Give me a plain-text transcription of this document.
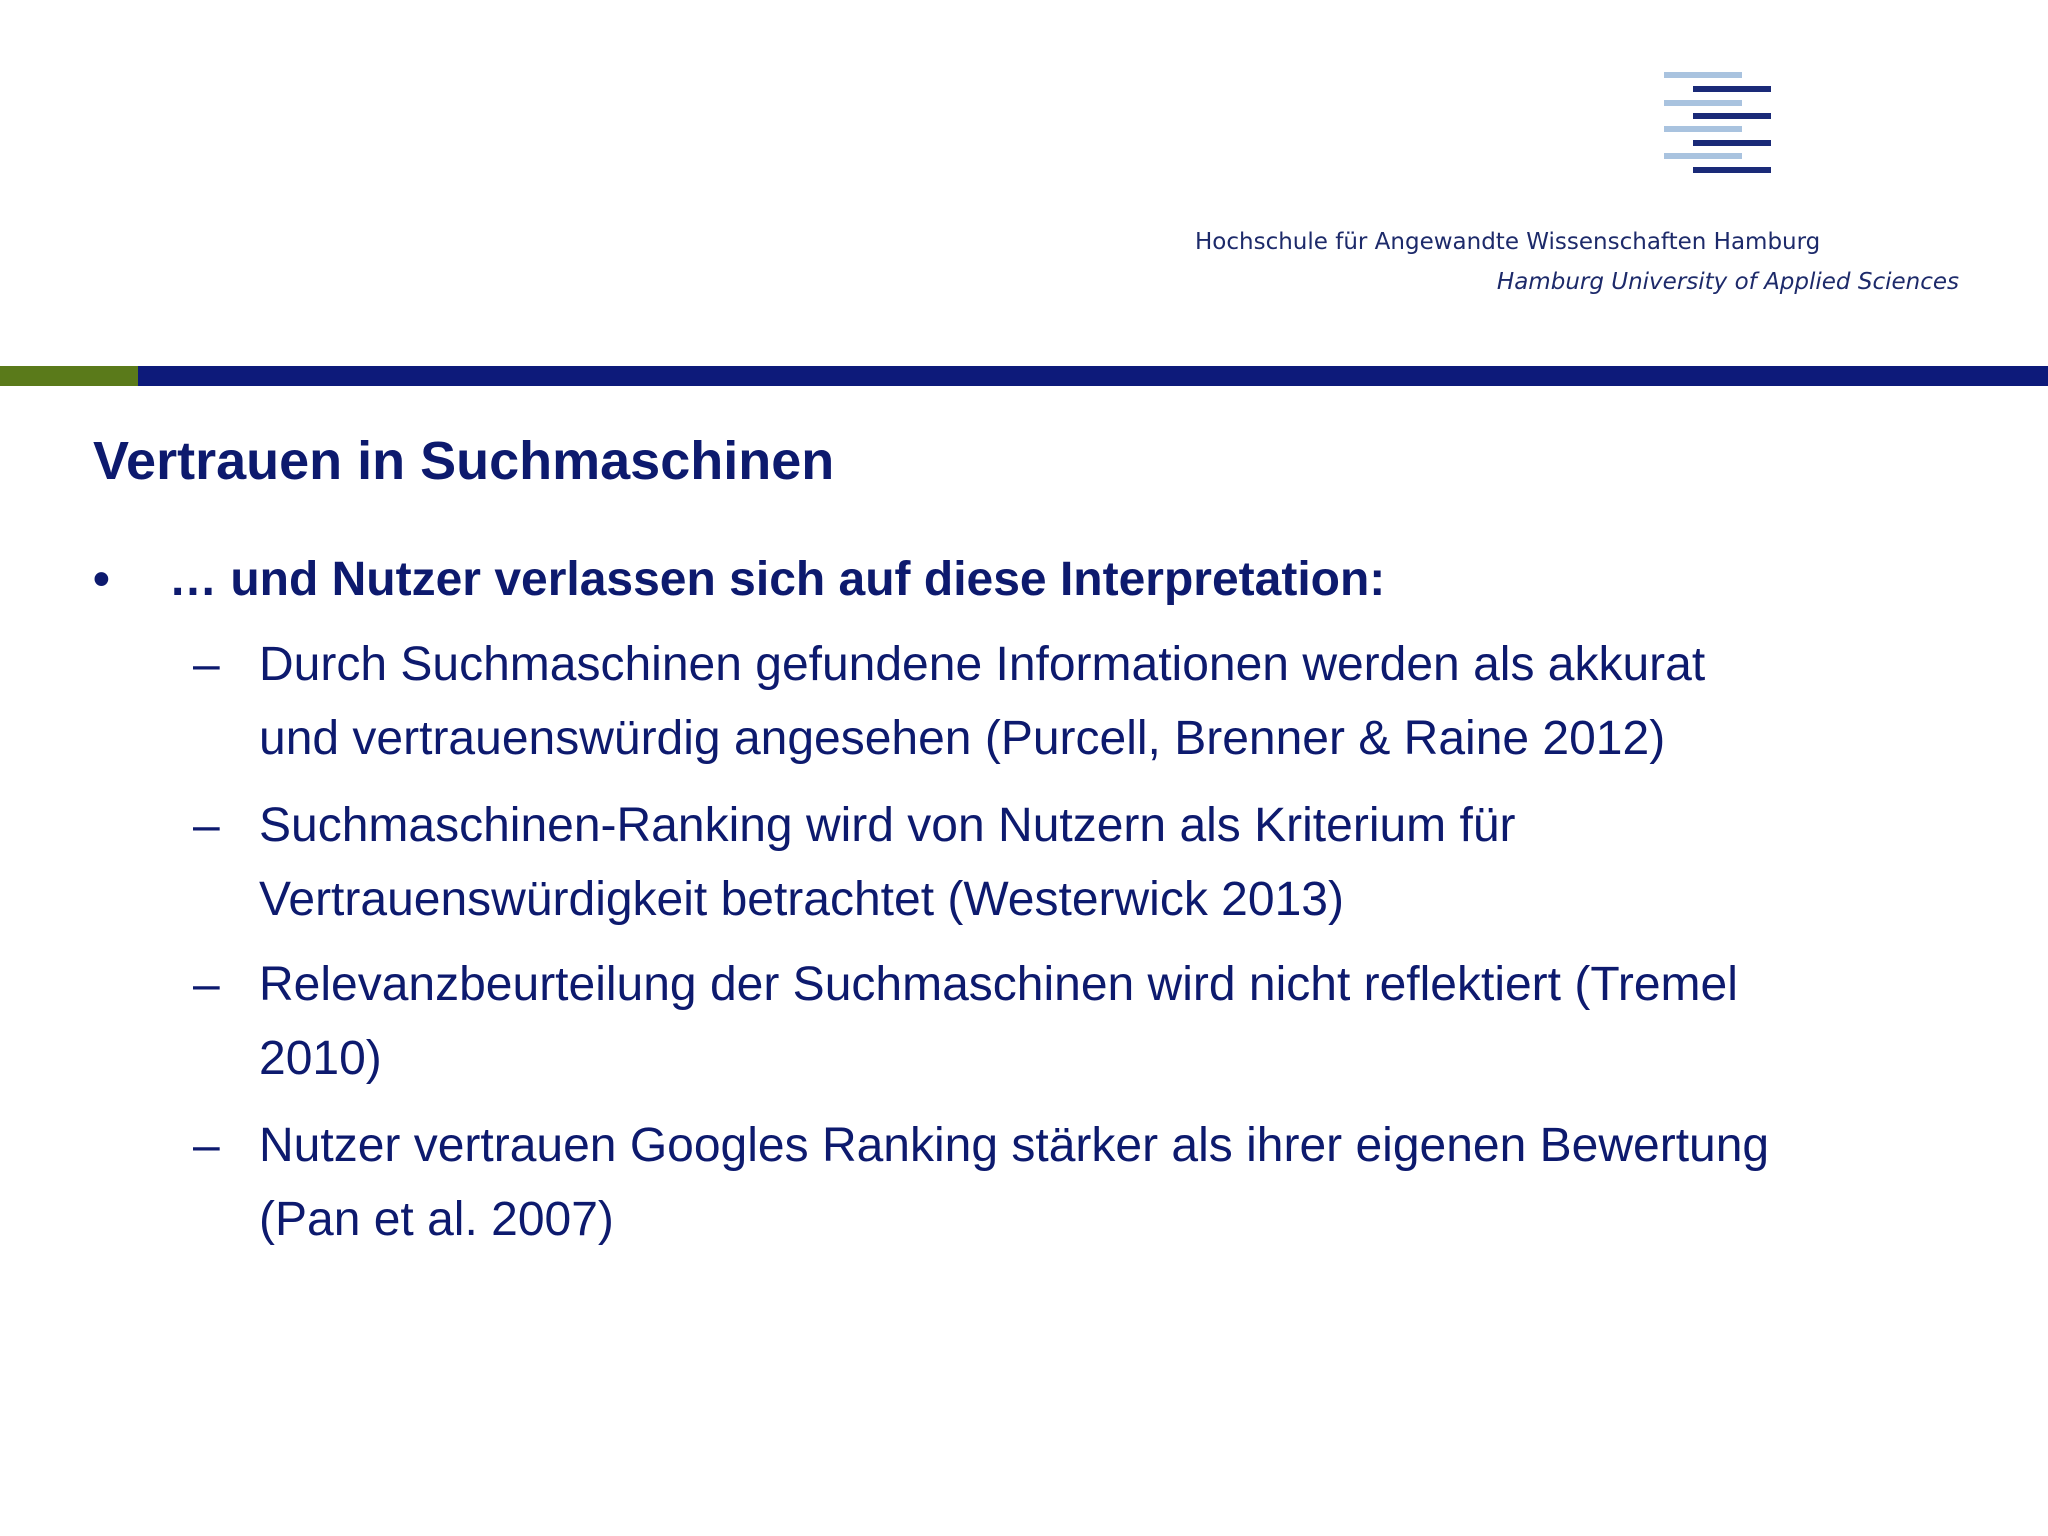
Hochschule für Angewandte Wissenschaften Hamburg
Hamburg University of Applied Sciences
Vertrauen in Suchmaschinen
• … und Nutzer verlassen sich auf diese Interpretation:
– Durch Suchmaschinen gefundene Informationen werden als akkurat
und vertrauenswürdig angesehen (Purcell, Brenner & Raine 2012)
– Suchmaschinen-Ranking wird von Nutzern als Kriterium für
Vertrauenswürdigkeit betrachtet (Westerwick 2013)
– Relevanzbeurteilung der Suchmaschinen wird nicht reflektiert (Tremel
2010)
– Nutzer vertrauen Googles Ranking stärker als ihrer eigenen Bewertung
(Pan et al. 2007)
